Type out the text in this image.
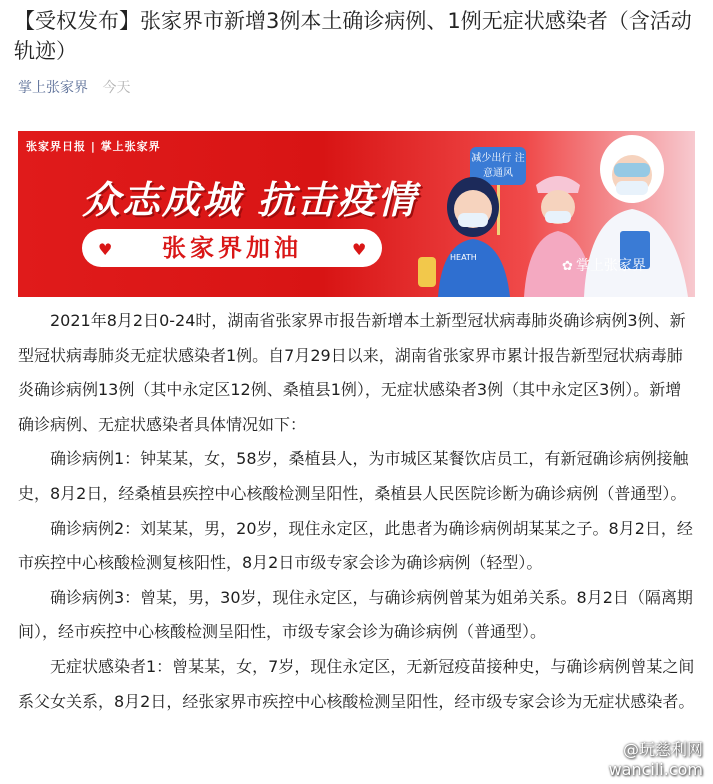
【受权发布】张家界市新增3例本土确诊病例、1例无症状感染者（含活动轨迹）
掌上张家界 今天
张家界日报 | 掌上张家界
众志成城 抗击疫情
张家界加油
♥	♥
减少出行 注意通风
HEATH
✿ 掌上张家界

2021年8月2日0-24时，湖南省张家界市报告新增本土新型冠状病毒肺炎确诊病例3例、新型冠状病毒肺炎无症状感染者1例。自7月29日以来，湖南省张家界市累计报告新型冠状病毒肺炎确诊病例13例（其中永定区12例、桑植县1例），无症状感染者3例（其中永定区3例）。新增确诊病例、无症状感染者具体情况如下：

确诊病例1：钟某某，女，58岁，桑植县人，为市城区某餐饮店员工，有新冠确诊病例接触史，8月2日，经桑植县疾控中心核酸检测呈阳性，桑植县人民医院诊断为确诊病例（普通型）。

确诊病例2：刘某某，男，20岁，现住永定区，此患者为确诊病例胡某某之子。8月2日，经市疾控中心核酸检测复核阳性，8月2日市级专家会诊为确诊病例（轻型）。

确诊病例3：曾某，男，30岁，现住永定区，与确诊病例曾某为姐弟关系。8月2日（隔离期间），经市疾控中心核酸检测呈阳性，市级专家会诊为确诊病例（普通型）。

无症状感染者1：曾某某，女，7岁，现住永定区，无新冠疫苗接种史，与确诊病例曾某之间系父女关系，8月2日，经张家界市疾控中心核酸检测呈阳性，经市级专家会诊为无症状感染者。

@玩慈利网
wancili.com
